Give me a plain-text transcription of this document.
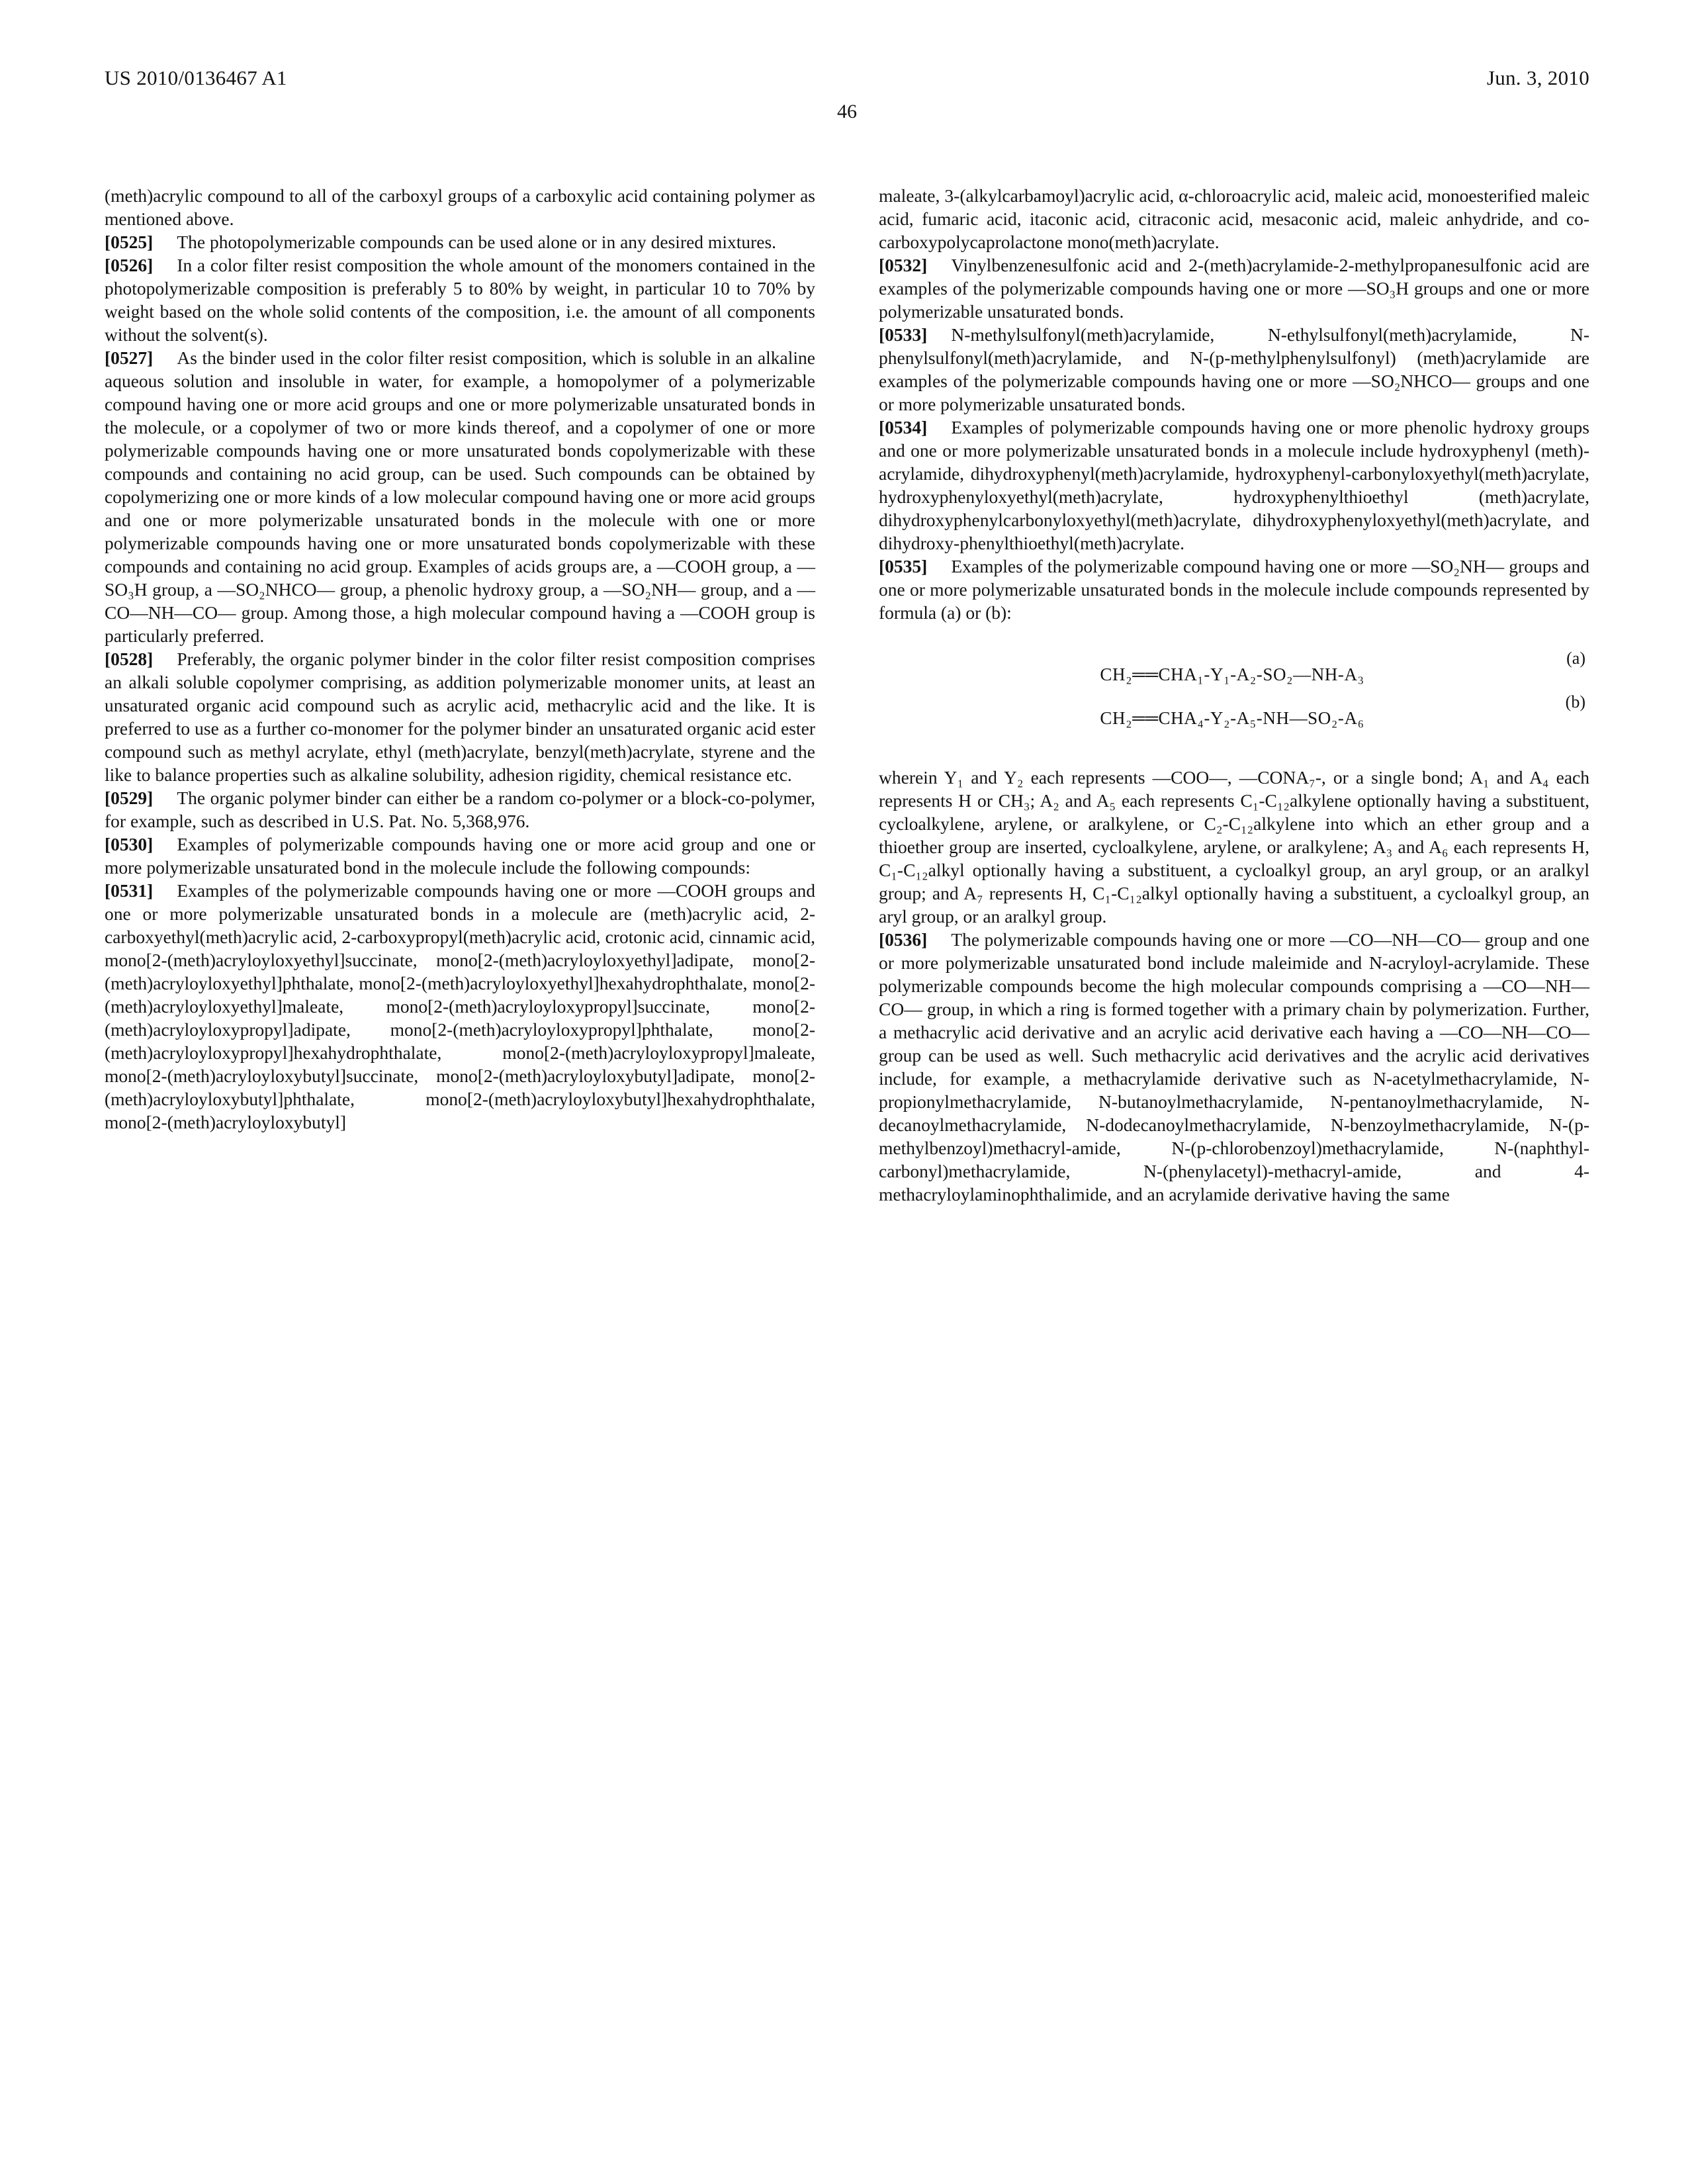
US 2010/0136467 A1	Jun. 3, 2010
46

(meth)acrylic compound to all of the carboxyl groups of a carboxylic acid containing polymer as mentioned above.

[0525] The photopolymerizable compounds can be used alone or in any desired mixtures.

[0526] In a color filter resist composition the whole amount of the monomers contained in the photopolymerizable composition is preferably 5 to 80% by weight, in particular 10 to 70% by weight based on the whole solid contents of the composition, i.e. the amount of all components without the solvent(s).

[0527] As the binder used in the color filter resist composition, which is soluble in an alkaline aqueous solution and insoluble in water, for example, a homopolymer of a polymerizable compound having one or more acid groups and one or more polymerizable unsaturated bonds in the molecule, or a copolymer of two or more kinds thereof, and a copolymer of one or more polymerizable compounds having one or more unsaturated bonds copolymerizable with these compounds and containing no acid group, can be used. Such compounds can be obtained by copolymerizing one or more kinds of a low molecular compound having one or more acid groups and one or more polymerizable unsaturated bonds in the molecule with one or more polymerizable compounds having one or more unsaturated bonds copolymerizable with these compounds and containing no acid group. Examples of acids groups are, a —COOH group, a —SO₃H group, a —SO₂NHCO— group, a phenolic hydroxy group, a —SO₂NH— group, and a —CO—NH—CO— group. Among those, a high molecular compound having a —COOH group is particularly preferred.

[0528] Preferably, the organic polymer binder in the color filter resist composition comprises an alkali soluble copolymer comprising, as addition polymerizable monomer units, at least an unsaturated organic acid compound such as acrylic acid, methacrylic acid and the like. It is preferred to use as a further co-monomer for the polymer binder an unsaturated organic acid ester compound such as methyl acrylate, ethyl (meth)acrylate, benzyl(meth)acrylate, styrene and the like to balance properties such as alkaline solubility, adhesion rigidity, chemical resistance etc.

[0529] The organic polymer binder can either be a random co-polymer or a block-co-polymer, for example, such as described in U.S. Pat. No. 5,368,976.

[0530] Examples of polymerizable compounds having one or more acid group and one or more polymerizable unsaturated bond in the molecule include the following compounds:

[0531] Examples of the polymerizable compounds having one or more —COOH groups and one or more polymerizable unsaturated bonds in a molecule are (meth)acrylic acid, 2-carboxyethyl(meth)acrylic acid, 2-carboxypropyl(meth)acrylic acid, crotonic acid, cinnamic acid, mono[2-(meth)acryloyloxyethyl]succinate, mono[2-(meth)acryloyloxyethyl]adipate, mono[2-(meth)acryloyloxyethyl]phthalate, mono[2-(meth)acryloyloxyethyl]hexahydrophthalate, mono[2-(meth)acryloyloxyethyl]maleate, mono[2-(meth)acryloyloxypropyl]succinate, mono[2-(meth)acryloyloxypropyl]adipate, mono[2-(meth)acryloyloxypropyl]phthalate, mono[2-(meth)acryloyloxypropyl]hexahydrophthalate, mono[2-(meth)acryloyloxypropyl]maleate, mono[2-(meth)acryloyloxybutyl]succinate, mono[2-(meth)acryloyloxybutyl]adipate, mono[2-(meth)acryloyloxybutyl]phthalate, mono[2-(meth)acryloyloxybutyl]hexahydrophthalate, mono[2-(meth)acryloyloxybutyl]

maleate, 3-(alkylcarbamoyl)acrylic acid, α-chloroacrylic acid, maleic acid, monoesterified maleic acid, fumaric acid, itaconic acid, citraconic acid, mesaconic acid, maleic anhydride, and co-carboxypolycaprolactone mono(meth)acrylate.

[0532] Vinylbenzenesulfonic acid and 2-(meth)acrylamide-2-methylpropanesulfonic acid are examples of the polymerizable compounds having one or more —SO₃H groups and one or more polymerizable unsaturated bonds.

[0533] N-methylsulfonyl(meth)acrylamide, N-ethylsulfonyl(meth)acrylamide, N-phenylsulfonyl(meth)acrylamide, and N-(p-methylphenylsulfonyl) (meth)acrylamide are examples of the polymerizable compounds having one or more —SO₂NHCO— groups and one or more polymerizable unsaturated bonds.

[0534] Examples of polymerizable compounds having one or more phenolic hydroxy groups and one or more polymerizable unsaturated bonds in a molecule include hydroxyphenyl (meth)-acrylamide, dihydroxyphenyl(meth)acrylamide, hydroxyphenyl-carbonyloxyethyl(meth)acrylate, hydroxyphenyloxyethyl(meth)acrylate, hydroxyphenylthioethyl (meth)acrylate, dihydroxyphenylcarbonyloxyethyl(meth)acrylate, dihydroxyphenyloxyethyl(meth)acrylate, and dihydroxy-phenylthioethyl(meth)acrylate.

[0535] Examples of the polymerizable compound having one or more —SO₂NH— groups and one or more polymerizable unsaturated bonds in the molecule include compounds represented by formula (a) or (b):

(a)
CH₂══CHA₁-Y₁-A₂-SO₂—NH-A₃
(b)
CH₂══CHA₄-Y₂-A₅-NH—SO₂-A₆

wherein Y₁ and Y₂ each represents —COO—, —CONA₇-, or a single bond; A₁ and A₄ each represents H or CH₃; A₂ and A₅ each represents C₁-C₁₂alkylene optionally having a substituent, cycloalkylene, arylene, or aralkylene, or C₂-C₁₂alkylene into which an ether group and a thioether group are inserted, cycloalkylene, arylene, or aralkylene; A₃ and A₆ each represents H, C₁-C₁₂alkyl optionally having a substituent, a cycloalkyl group, an aryl group, or an aralkyl group; and A₇ represents H, C₁-C₁₂alkyl optionally having a substituent, a cycloalkyl group, an aryl group, or an aralkyl group.

[0536] The polymerizable compounds having one or more —CO—NH—CO— group and one or more polymerizable unsaturated bond include maleimide and N-acryloyl-acrylamide. These polymerizable compounds become the high molecular compounds comprising a —CO—NH—CO— group, in which a ring is formed together with a primary chain by polymerization. Further, a methacrylic acid derivative and an acrylic acid derivative each having a —CO—NH—CO— group can be used as well. Such methacrylic acid derivatives and the acrylic acid derivatives include, for example, a methacrylamide derivative such as N-acetylmethacrylamide, N-propionylmethacrylamide, N-butanoylmethacrylamide, N-pentanoylmethacrylamide, N-decanoylmethacrylamide, N-dodecanoylmethacrylamide, N-benzoylmethacrylamide, N-(p-methylbenzoyl)methacryl-amide, N-(p-chlorobenzoyl)methacrylamide, N-(naphthyl-carbonyl)methacrylamide, N-(phenylacetyl)-methacryl-amide, and 4-methacryloylaminophthalimide, and an acrylamide derivative having the same
